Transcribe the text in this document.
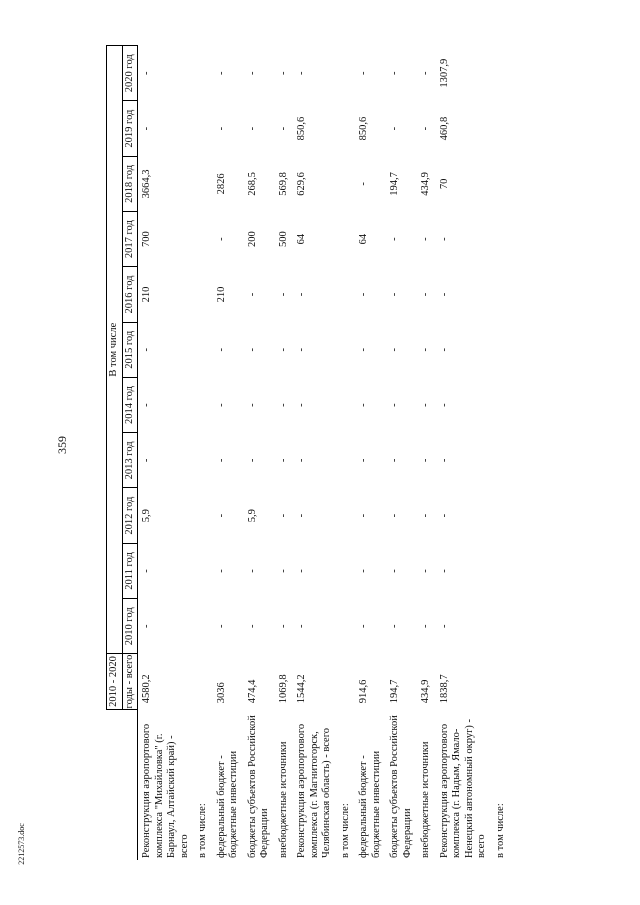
359
2212573.doc
	2010 - 2020	В том числе										
	годы - всего	2010 год	2011 год	2012 год	2013 год	2014 год	2015 год	2016 год	2017 год	2018 год	2019 год	2020 год

Реконструкция аэропортового комплекса "Михайловка" (г. Барнаул, Алтайский край) - всего	4580,2	-	-	5,9	-	-	-	210	700	3664,3	-	-
в том числе:												
федеральный бюджет - бюджетные инвестиции	3036	-	-	-	-	-	-	210	-	2826	-	-
бюджеты субъектов Российской Федерации	474,4	-	-	5,9	-	-	-	-	200	268,5	-	-
внебюджетные источники	1069,8	-	-	-	-	-	-	-	500	569,8	-	-
Реконструкция аэропортового комплекса (г. Магнитогорск, Челябинская область) - всего	1544,2	-	-	-	-	-	-	-	64	629,6	850,6	-
в том числе:												
федеральный бюджет - бюджетные инвестиции	914,6	-	-	-	-	-	-	-	64	-	850,6	-
бюджеты субъектов Российской Федерации	194,7	-	-	-	-	-	-	-	-	194,7	-	-
внебюджетные источники	434,9	-	-	-	-	-	-	-	-	434,9	-	-
Реконструкция аэропортового комплекса (г. Надым, Ямало-Ненецкий автономный округ) - всего	1838,7	-	-	-	-	-	-	-	-	70	460,8	1307,9
в том числе:												
